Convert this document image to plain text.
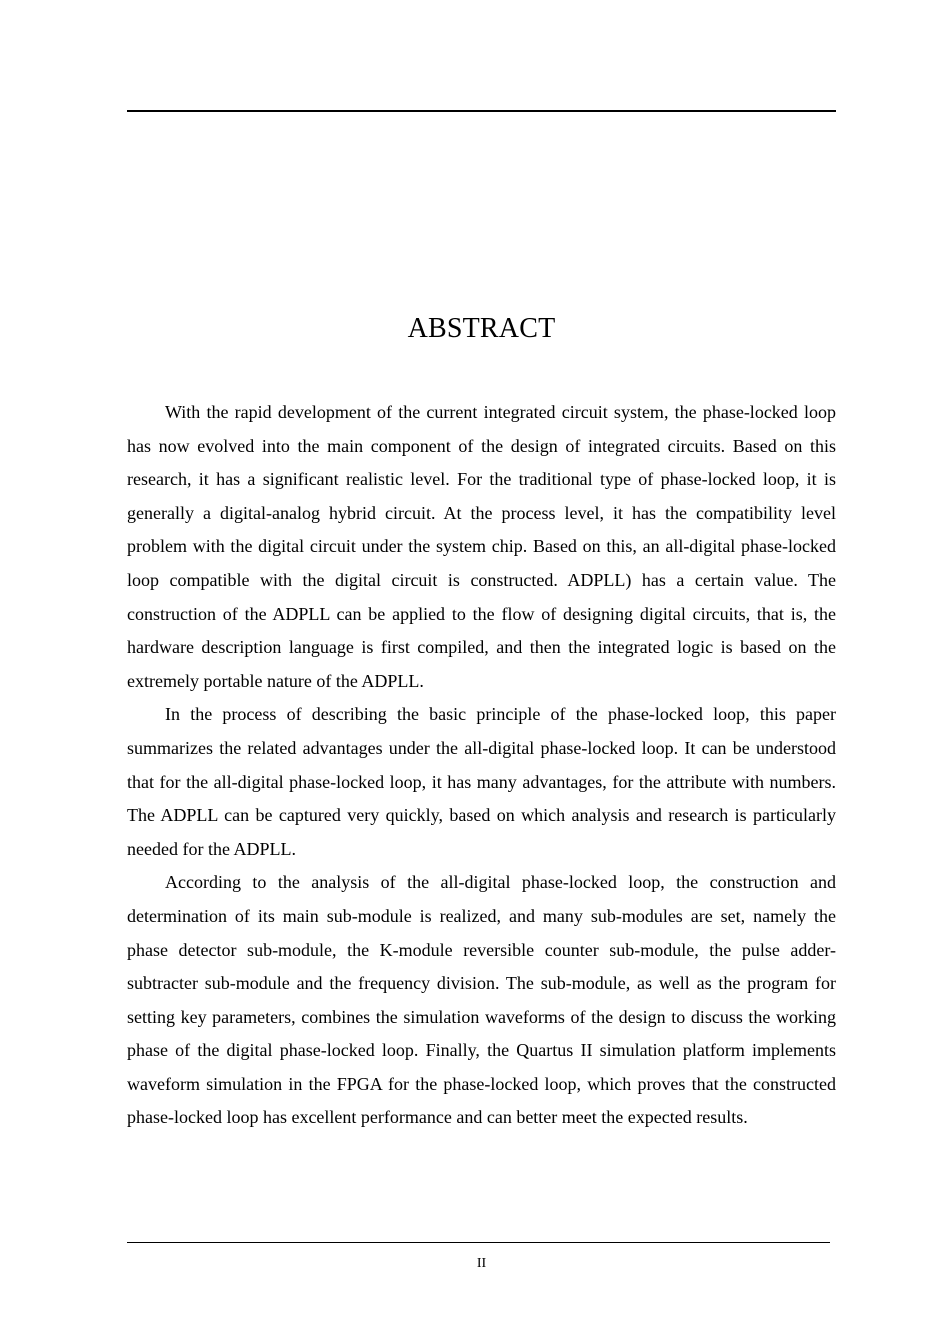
ABSTRACT

With the rapid development of the current integrated circuit system, the phase-locked loop has now evolved into the main component of the design of integrated circuits. Based on this research, it has a significant realistic level. For the traditional type of phase-locked loop, it is generally a digital-analog hybrid circuit. At the process level, it has the compatibility level problem with the digital circuit under the system chip. Based on this, an all-digital phase-locked loop compatible with the digital circuit is constructed. ADPLL) has a certain value. The construction of the ADPLL can be applied to the flow of designing digital circuits, that is, the hardware description language is first compiled, and then the integrated logic is based on the extremely portable nature of the ADPLL.

In the process of describing the basic principle of the phase-locked loop, this paper summarizes the related advantages under the all-digital phase-locked loop. It can be understood that for the all-digital phase-locked loop, it has many advantages, for the attribute with numbers. The ADPLL can be captured very quickly, based on which analysis and research is particularly needed for the ADPLL.

According to the analysis of the all-digital phase-locked loop, the construction and determination of its main sub-module is realized, and many sub-modules are set, namely the phase detector sub-module, the K-module reversible counter sub-module, the pulse adder-subtracter sub-module and the frequency division. The sub-module, as well as the program for setting key parameters, combines the simulation waveforms of the design to discuss the working phase of the digital phase-locked loop. Finally, the Quartus II simulation platform implements waveform simulation in the FPGA for the phase-locked loop, which proves that the constructed phase-locked loop has excellent performance and can better meet the expected results.

II
